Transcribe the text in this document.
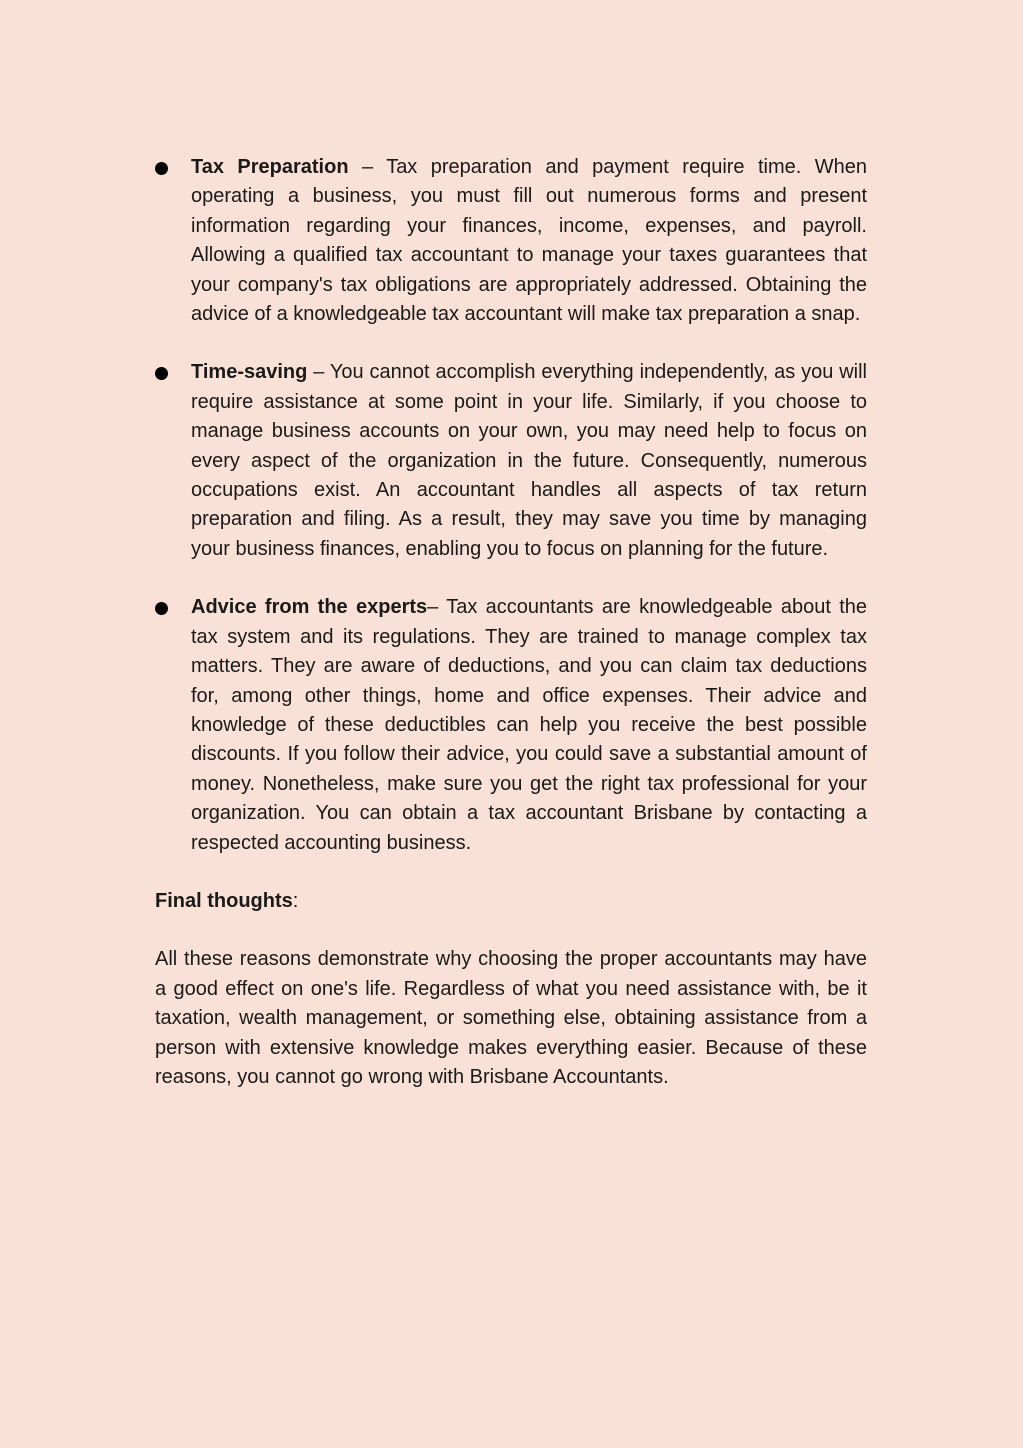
Tax Preparation – Tax preparation and payment require time. When operating a business, you must fill out numerous forms and present information regarding your finances, income, expenses, and payroll. Allowing a qualified tax accountant to manage your taxes guarantees that your company's tax obligations are appropriately addressed. Obtaining the advice of a knowledgeable tax accountant will make tax preparation a snap.

Time-saving – You cannot accomplish everything independently, as you will require assistance at some point in your life. Similarly, if you choose to manage business accounts on your own, you may need help to focus on every aspect of the organization in the future. Consequently, numerous occupations exist. An accountant handles all aspects of tax return preparation and filing. As a result, they may save you time by managing your business finances, enabling you to focus on planning for the future.

Advice from the experts– Tax accountants are knowledgeable about the tax system and its regulations. They are trained to manage complex tax matters. They are aware of deductions, and you can claim tax deductions for, among other things, home and office expenses. Their advice and knowledge of these deductibles can help you receive the best possible discounts. If you follow their advice, you could save a substantial amount of money. Nonetheless, make sure you get the right tax professional for your organization. You can obtain a tax accountant Brisbane by contacting a respected accounting business.

Final thoughts:

All these reasons demonstrate why choosing the proper accountants may have a good effect on one's life. Regardless of what you need assistance with, be it taxation, wealth management, or something else, obtaining assistance from a person with extensive knowledge makes everything easier. Because of these reasons, you cannot go wrong with Brisbane Accountants.
